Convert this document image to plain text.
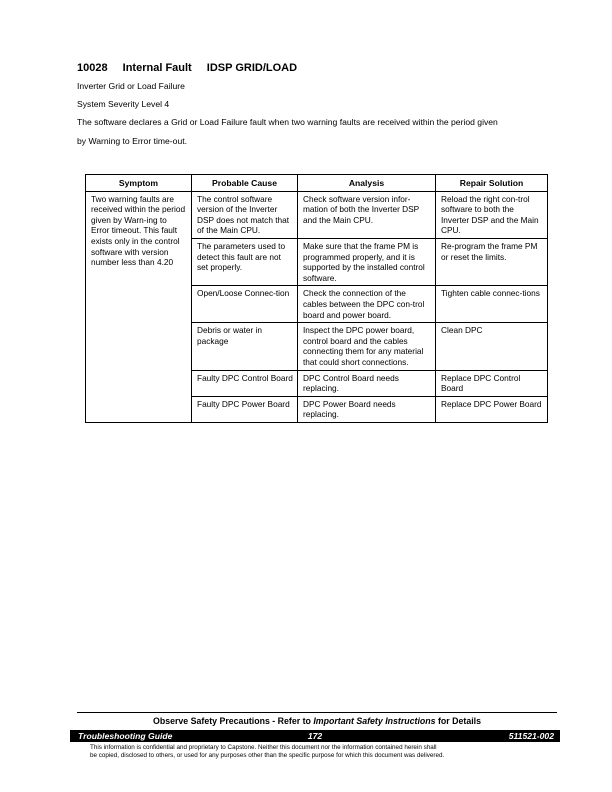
10028 Internal Fault IDSP GRID/LOAD
Inverter Grid or Load Failure
System Severity Level 4
The software declares a Grid or Load Failure fault when two warning faults are received within the period given
by Warning to Error time-out.
Symptom	Probable Cause	Analysis	Repair Solution
Two warning faults are received within the period given by Warn-ing to Error timeout. This fault exists only in the control software with version number less than 4.20	The control software version of the Inverter DSP does not match that of the Main CPU.	Check software version infor-mation of both the Inverter DSP and the Main CPU.	Reload the right con-trol software to both the Inverter DSP and the Main CPU.
	The parameters used to detect this fault are not set properly.	Make sure that the frame PM is programmed properly, and it is supported by the installed control software.	Re-program the frame PM or reset the limits.
	Open/Loose Connec-tion	Check the connection of the cables between the DPC con-trol board and power board.	Tighten cable connec-tions
	Debris or water in package	Inspect the DPC power board, control board and the cables connecting them for any material that could short connections.	Clean DPC
	Faulty DPC Control Board	DPC Control Board needs replacing.	Replace DPC Control Board
	Faulty DPC Power Board	DPC Power Board needs replacing.	Replace DPC Power Board
Observe Safety Precautions - Refer to Important Safety Instructions for Details
Troubleshooting Guide	172	511521-002
This information is confidential and proprietary to Capstone. Neither this document nor the information contained herein shall
be copied, disclosed to others, or used for any purposes other than the specific purpose for which this document was delivered.
